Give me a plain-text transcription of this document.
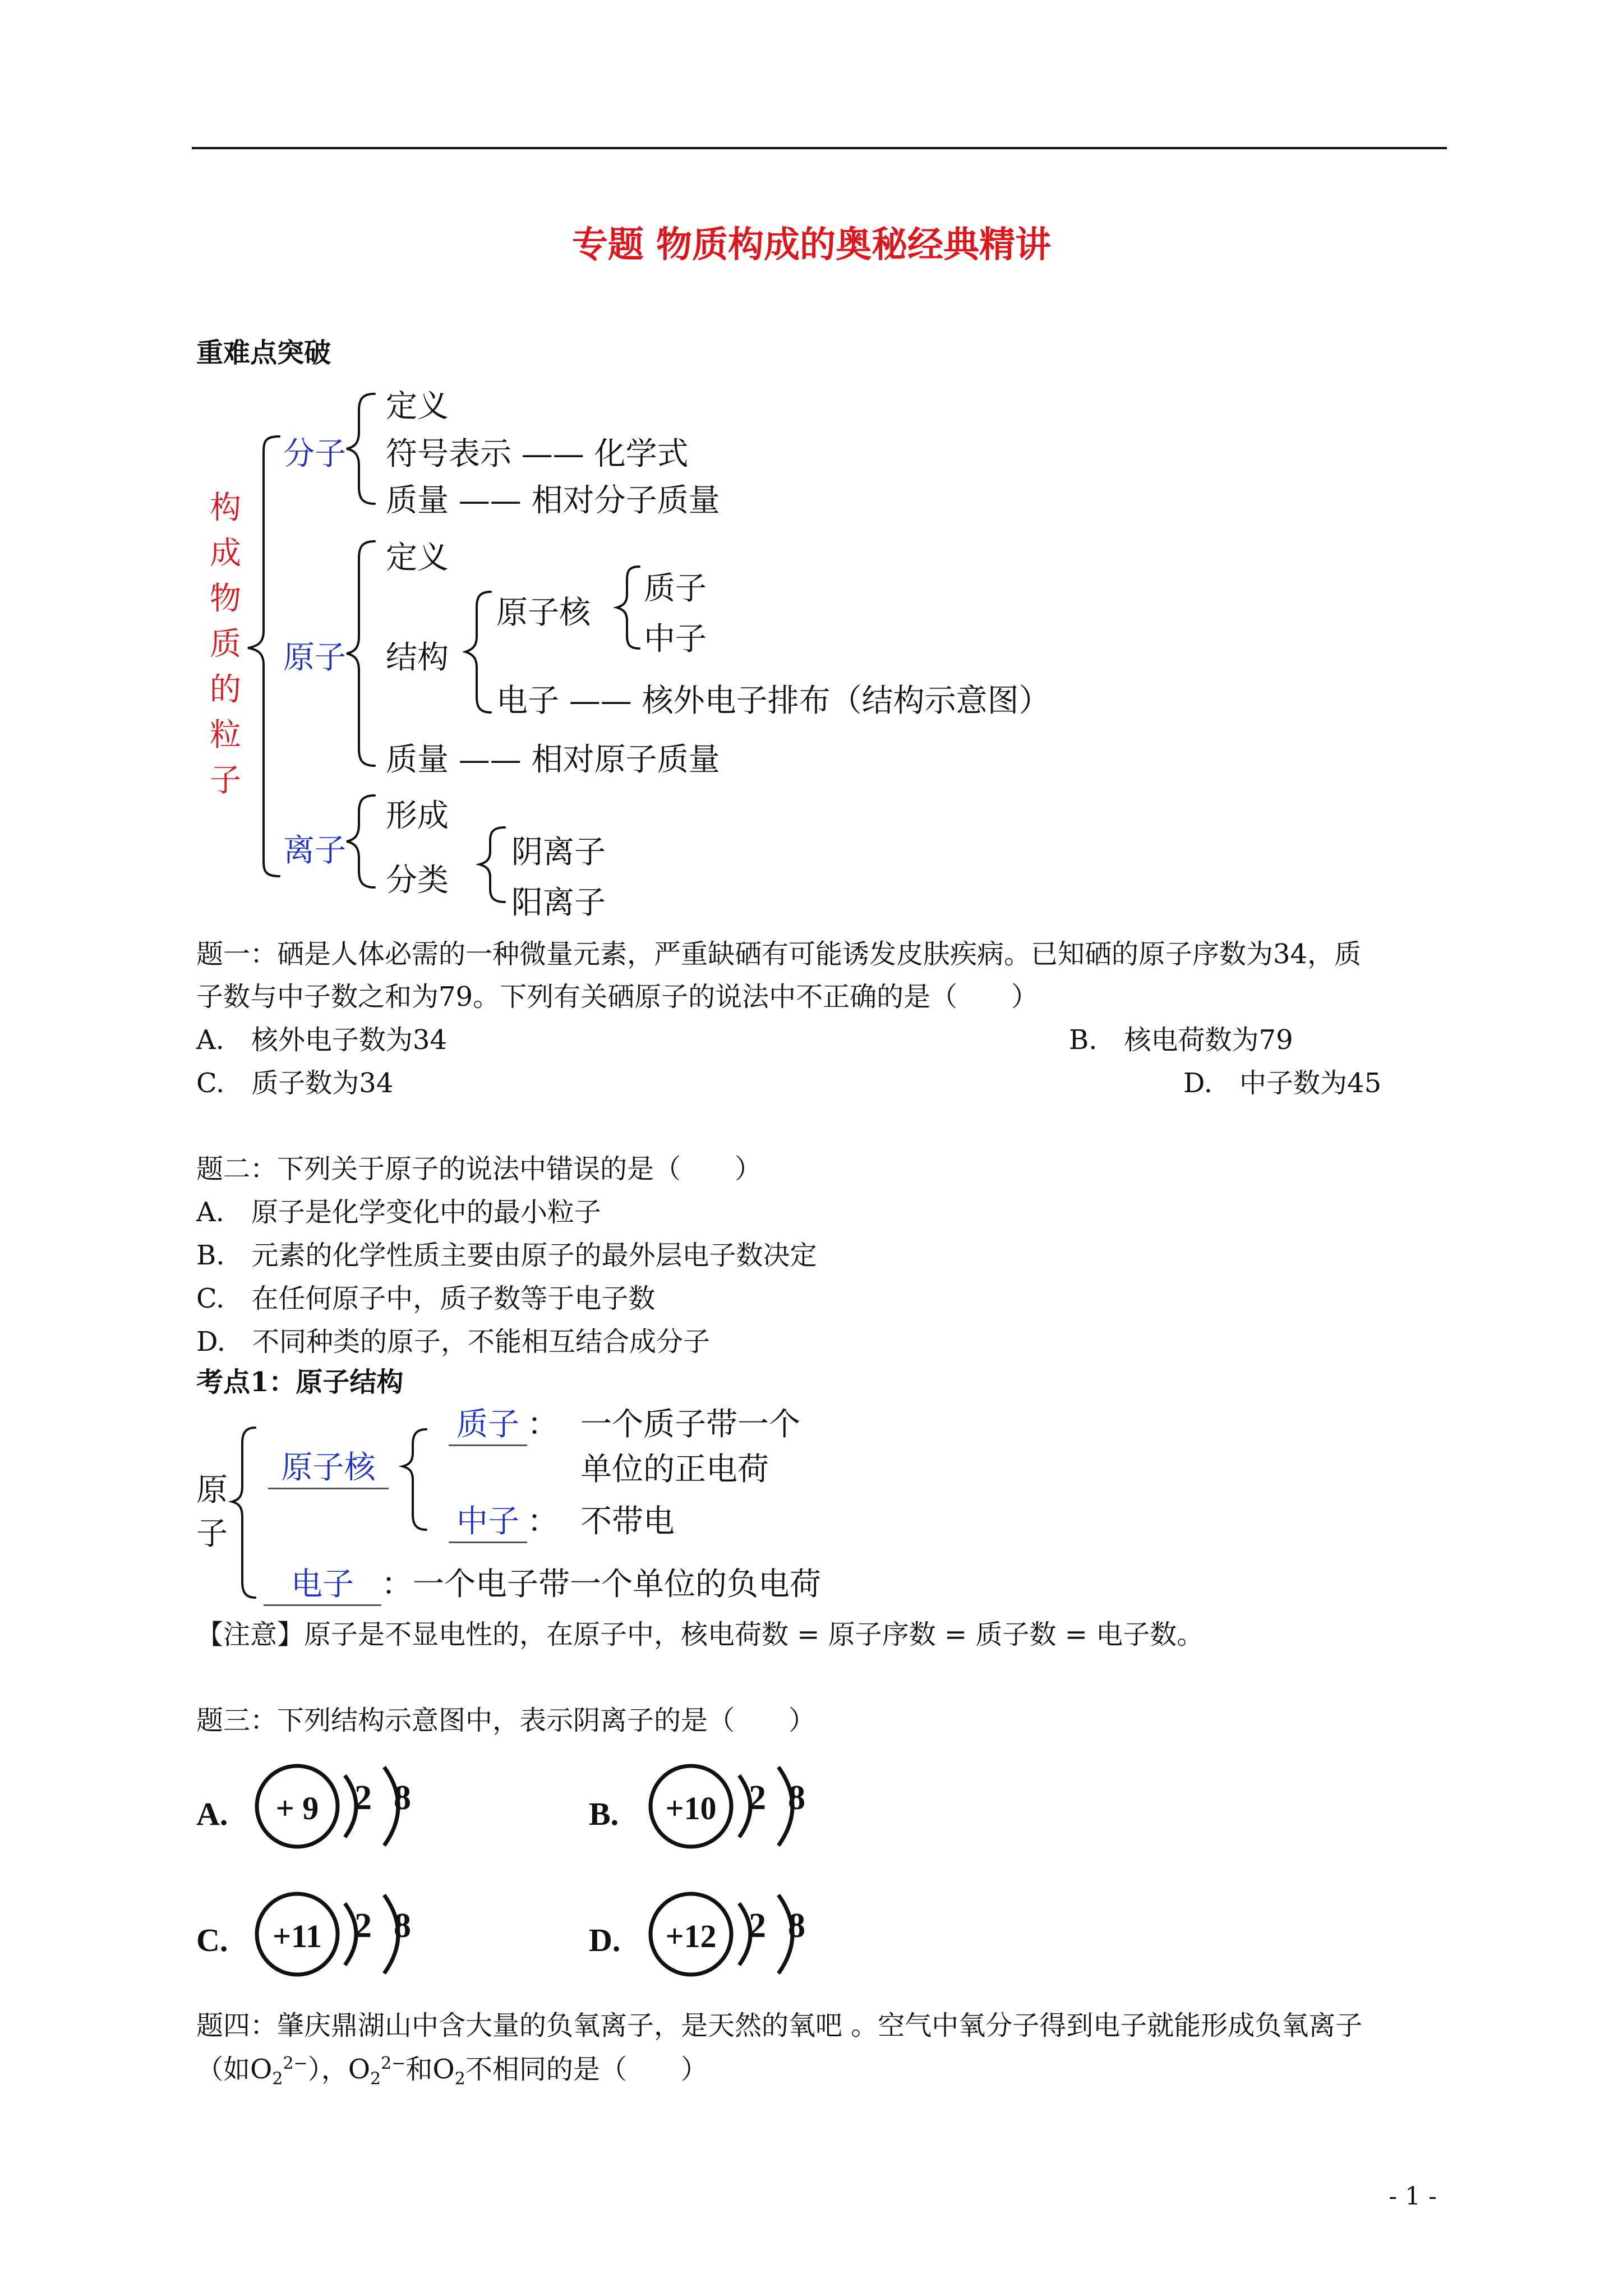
专题 物质构成的奥秘经典精讲
重难点突破
构
成
物
质
的
粒
子
分子
定义
符号表示 —— 化学式
质量 —— 相对分子质量
原子
定义
结构
原子核
质子
中子
电子 —— 核外电子排布（结构示意图）
质量 —— 相对原子质量
离子
形成
分类
阴离子
阳离子
题一：硒是人体必需的一种微量元素，严重缺硒有可能诱发皮肤疾病。已知硒的原子序数为34，质
子数与中子数之和为79。下列有关硒原子的说法中不正确的是（　　）
A.　核外电子数为34	B.　核电荷数为79
C.　质子数为34	D.　中子数为45
题二：下列关于原子的说法中错误的是（　　）
A.　原子是化学变化中的最小粒子
B.　元素的化学性质主要由原子的最外层电子数决定
C.　在任何原子中，质子数等于电子数
D.　不同种类的原子，不能相互结合成分子
考点1：原子结构
原
子
原子核
质子 ： 一个质子带一个
单位的正电荷
中子 ： 不带电
电子 ：一个电子带一个单位的负电荷
【注意】原子是不显电性的，在原子中，核电荷数 = 原子序数 = 质子数 = 电子数。
题三：下列结构示意图中，表示阴离子的是（　　）
A.	+ 9	2 8	B.	+10 2 8
C.	+11 2 8	D.	+12 2 8
题四：肇庆鼎湖山中含大量的负氧离子，是天然的氧吧 。空气中氧分子得到电子就能形成负氧离子
（如$O_2^{2-}$），$O_2^{2-}$和$O_2$不相同的是（　　）
- 1 -
